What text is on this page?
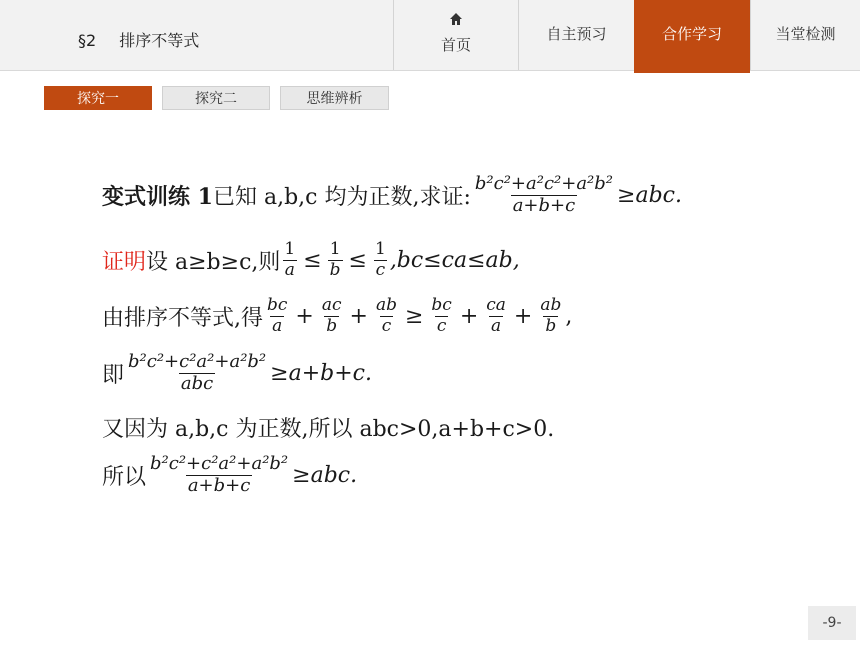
§2 排序不等式	首页
自主预习	合作学习	当堂检测
探究一	探究二	思维辨析
变式训练 1 已知 a,b,c 均为正数,求证: $\frac{\text{b²c²+a²c²+a²b²}}{a+b+c} \ge abc$.
证明 设 a≥b≥c,则 $\frac{1}{a} \le \frac{1}{b} \le \frac{1}{c} ,bc\le ca\le ab$,
由排序不等式,得 $\frac{bc}{a} + \frac{ac}{b} + \frac{ab}{c} \ge \frac{bc}{c} + \frac{ca}{a} + \frac{ab}{b}$ ,
即 $\frac{\text{b²c²+c²a²+a²b²}}{\text{abc}} \ge a+b+c$.
又因为 a,b,c 为正数,所以 abc>0,a+b+c>0.
所以 $\frac{\text{b²c²+c²a²+a²b²}}{a+b+c} \ge abc$.
-9-
